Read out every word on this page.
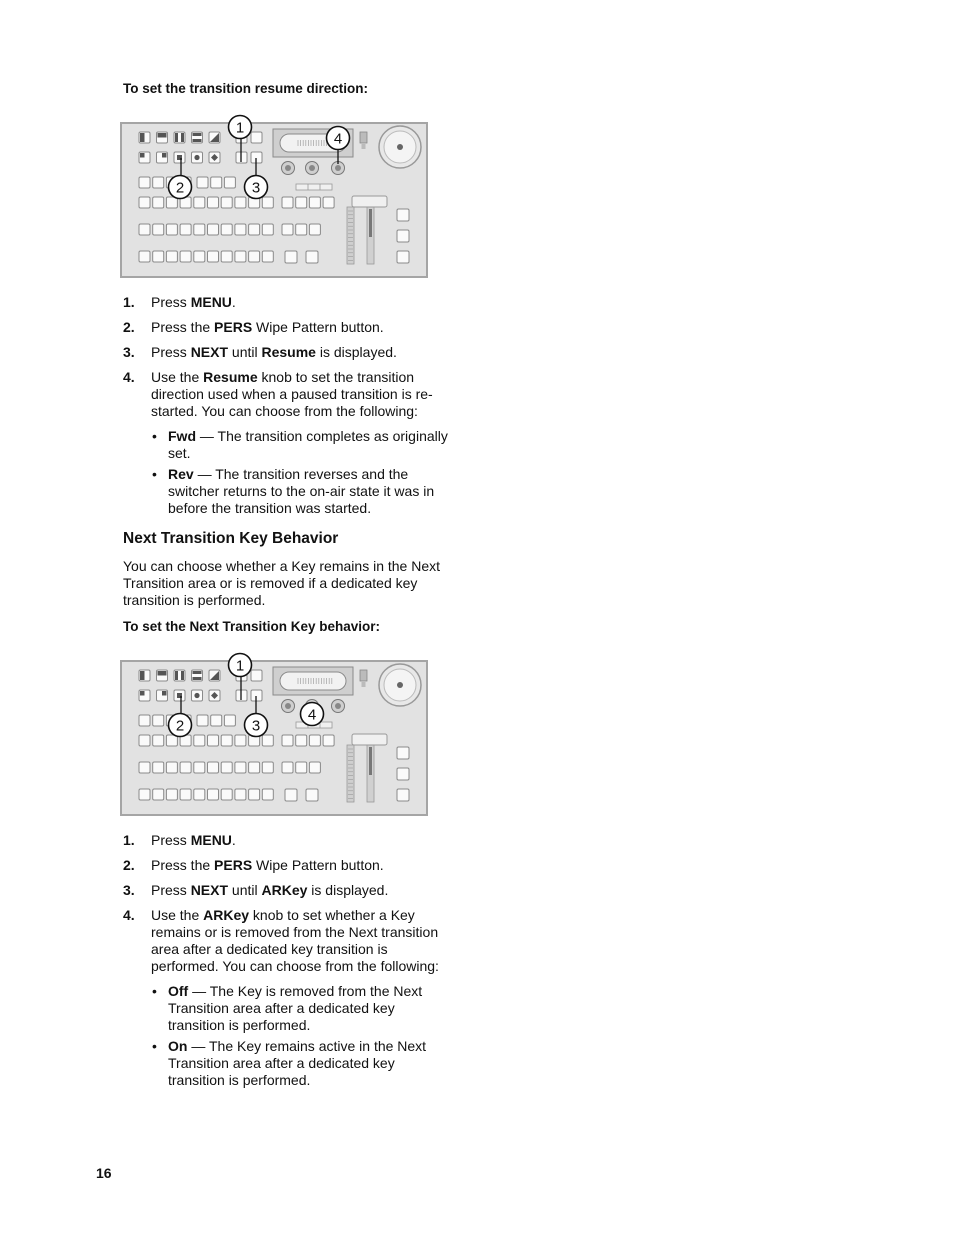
To set the transition resume direction:
1
2	3
4
1. Press MENU.
2. Press the PERS Wipe Pattern button.
3. Press NEXT until Resume is displayed.
4. Use the Resume knob to set the transition direction used when a paused transition is re-started. You can choose from the following:
• Fwd — The transition completes as originally set.
• Rev — The transition reverses and the switcher returns to the on-air state it was in before the transition was started.
Next Transition Key Behavior
You can choose whether a Key remains in the Next Transition area or is removed if a dedicated key transition is performed.
To set the Next Transition Key behavior:
1
2	3
4
1. Press MENU.
2. Press the PERS Wipe Pattern button.
3. Press NEXT until ARKey is displayed.
4. Use the ARKey knob to set whether a Key remains or is removed from the Next transition area after a dedicated key transition is performed. You can choose from the following:
• Off — The Key is removed from the Next Transition area after a dedicated key transition is performed.
• On — The Key remains active in the Next Transition area after a dedicated key transition is performed.
16
